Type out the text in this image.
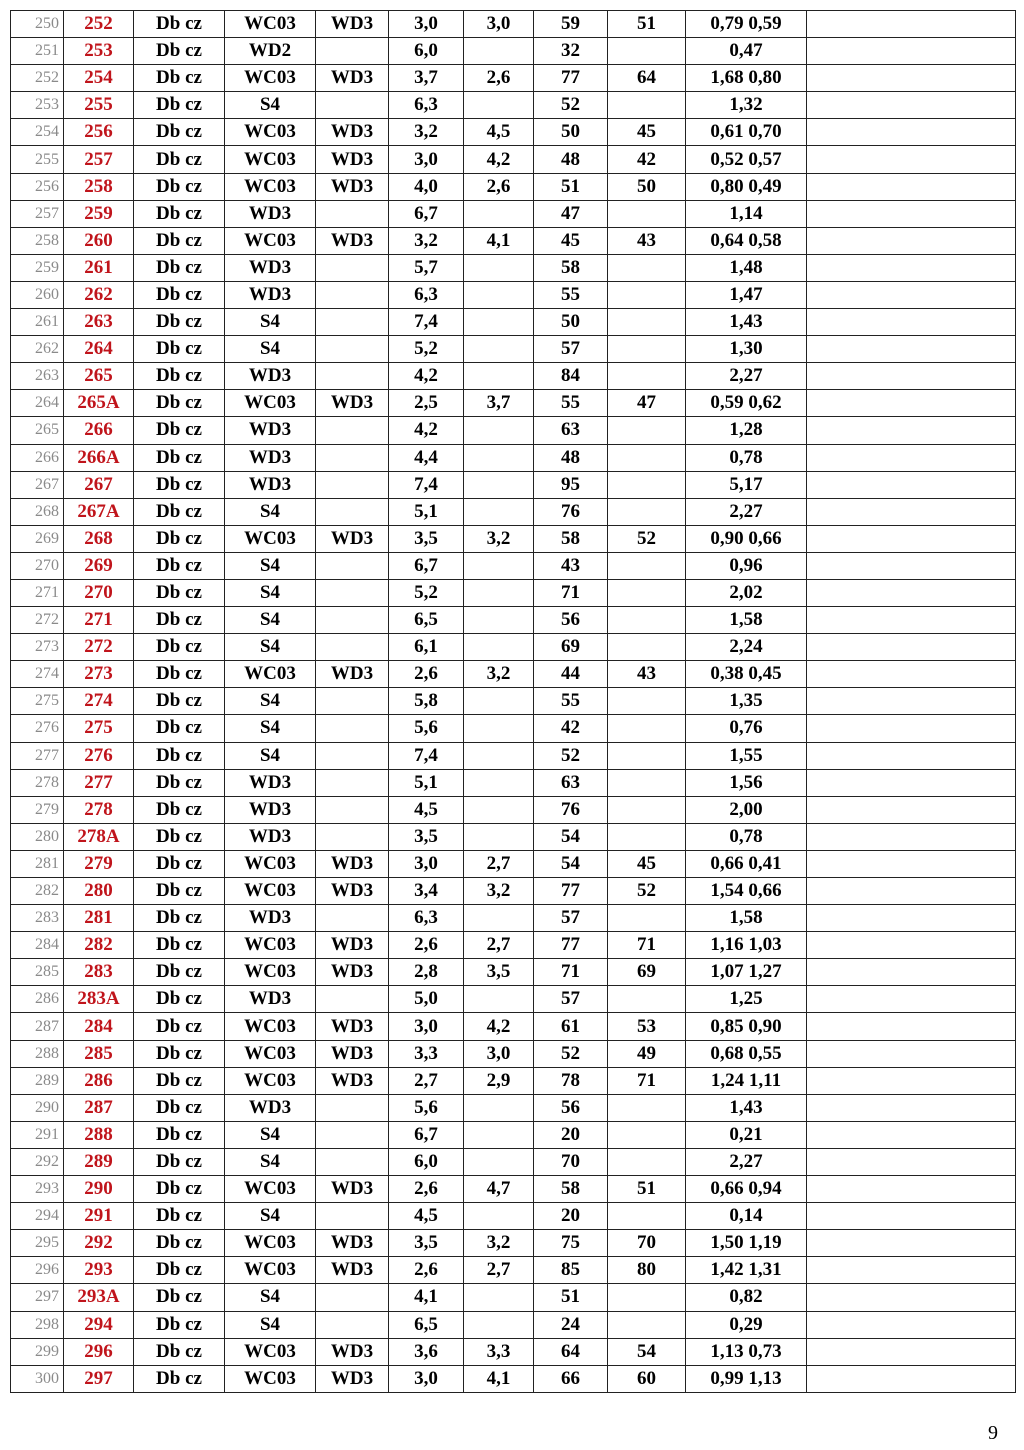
250	252	Db cz	WC03	WD3	3,0	3,0	59	51	0,79 0,59	
251	253	Db cz	WD2		6,0		32		0,47	
252	254	Db cz	WC03	WD3	3,7	2,6	77	64	1,68 0,80	
253	255	Db cz	S4		6,3		52		1,32	
254	256	Db cz	WC03	WD3	3,2	4,5	50	45	0,61 0,70	
255	257	Db cz	WC03	WD3	3,0	4,2	48	42	0,52 0,57	
256	258	Db cz	WC03	WD3	4,0	2,6	51	50	0,80 0,49	
257	259	Db cz	WD3		6,7		47		1,14	
258	260	Db cz	WC03	WD3	3,2	4,1	45	43	0,64 0,58	
259	261	Db cz	WD3		5,7		58		1,48	
260	262	Db cz	WD3		6,3		55		1,47	
261	263	Db cz	S4		7,4		50		1,43	
262	264	Db cz	S4		5,2		57		1,30	
263	265	Db cz	WD3		4,2		84		2,27	
264	265A	Db cz	WC03	WD3	2,5	3,7	55	47	0,59 0,62	
265	266	Db cz	WD3		4,2		63		1,28	
266	266A	Db cz	WD3		4,4		48		0,78	
267	267	Db cz	WD3		7,4		95		5,17	
268	267A	Db cz	S4		5,1		76		2,27	
269	268	Db cz	WC03	WD3	3,5	3,2	58	52	0,90 0,66	
270	269	Db cz	S4		6,7		43		0,96	
271	270	Db cz	S4		5,2		71		2,02	
272	271	Db cz	S4		6,5		56		1,58	
273	272	Db cz	S4		6,1		69		2,24	
274	273	Db cz	WC03	WD3	2,6	3,2	44	43	0,38 0,45	
275	274	Db cz	S4		5,8		55		1,35	
276	275	Db cz	S4		5,6		42		0,76	
277	276	Db cz	S4		7,4		52		1,55	
278	277	Db cz	WD3		5,1		63		1,56	
279	278	Db cz	WD3		4,5		76		2,00	
280	278A	Db cz	WD3		3,5		54		0,78	
281	279	Db cz	WC03	WD3	3,0	2,7	54	45	0,66 0,41	
282	280	Db cz	WC03	WD3	3,4	3,2	77	52	1,54 0,66	
283	281	Db cz	WD3		6,3		57		1,58	
284	282	Db cz	WC03	WD3	2,6	2,7	77	71	1,16 1,03	
285	283	Db cz	WC03	WD3	2,8	3,5	71	69	1,07 1,27	
286	283A	Db cz	WD3		5,0		57		1,25	
287	284	Db cz	WC03	WD3	3,0	4,2	61	53	0,85 0,90	
288	285	Db cz	WC03	WD3	3,3	3,0	52	49	0,68 0,55	
289	286	Db cz	WC03	WD3	2,7	2,9	78	71	1,24 1,11	
290	287	Db cz	WD3		5,6		56		1,43	
291	288	Db cz	S4		6,7		20		0,21	
292	289	Db cz	S4		6,0		70		2,27	
293	290	Db cz	WC03	WD3	2,6	4,7	58	51	0,66 0,94	
294	291	Db cz	S4		4,5		20		0,14	
295	292	Db cz	WC03	WD3	3,5	3,2	75	70	1,50 1,19	
296	293	Db cz	WC03	WD3	2,6	2,7	85	80	1,42 1,31	
297	293A	Db cz	S4		4,1		51		0,82	
298	294	Db cz	S4		6,5		24		0,29	
299	296	Db cz	WC03	WD3	3,6	3,3	64	54	1,13 0,73	
300	297	Db cz	WC03	WD3	3,0	4,1	66	60	0,99 1,13	
9
